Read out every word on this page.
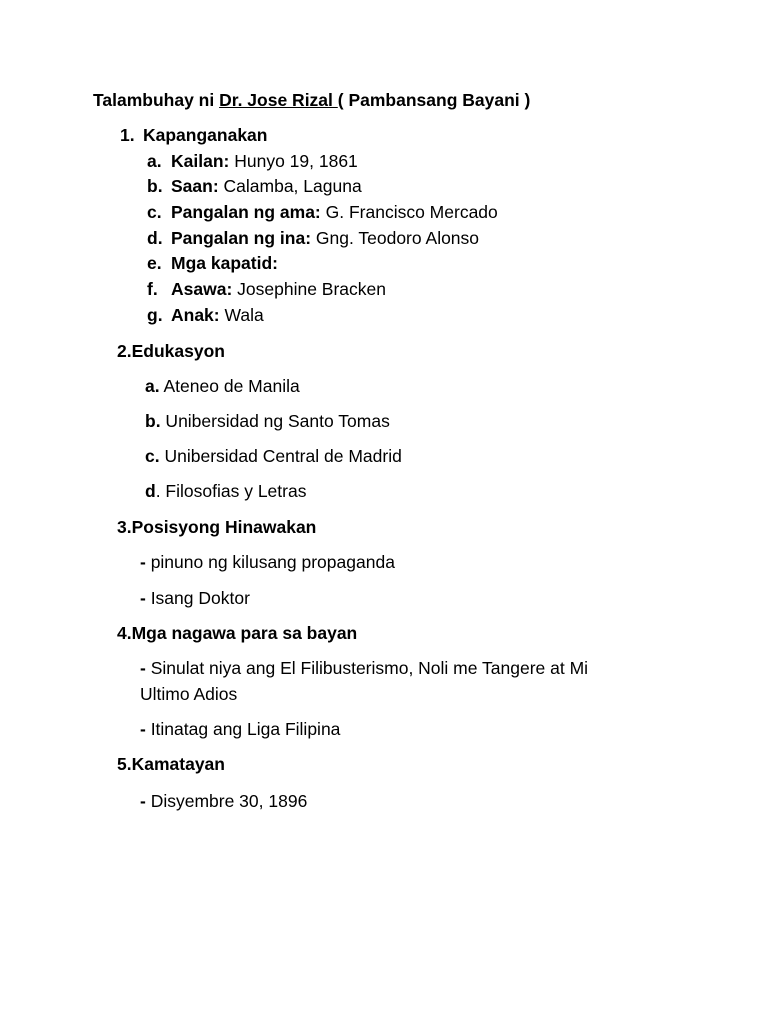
Talambuhay ni Dr. Jose Rizal ( Pambansang Bayani )
1. Kapanganakan
a. Kailan: Hunyo 19, 1861
b. Saan: Calamba, Laguna
c. Pangalan ng ama: G. Francisco Mercado
d. Pangalan ng ina: Gng. Teodoro Alonso
e. Mga kapatid:
f. Asawa: Josephine Bracken
g. Anak: Wala
2.Edukasyon
a. Ateneo de Manila
b. Unibersidad ng Santo Tomas
c. Unibersidad Central de Madrid
d. Filosofias y Letras
3.Posisyong Hinawakan
- pinuno ng kilusang propaganda
- Isang Doktor
4.Mga nagawa para sa bayan
- Sinulat niya ang El Filibusterismo, Noli me Tangere at Mi
Ultimo Adios
- Itinatag ang Liga Filipina
5.Kamatayan
- Disyembre 30, 1896
